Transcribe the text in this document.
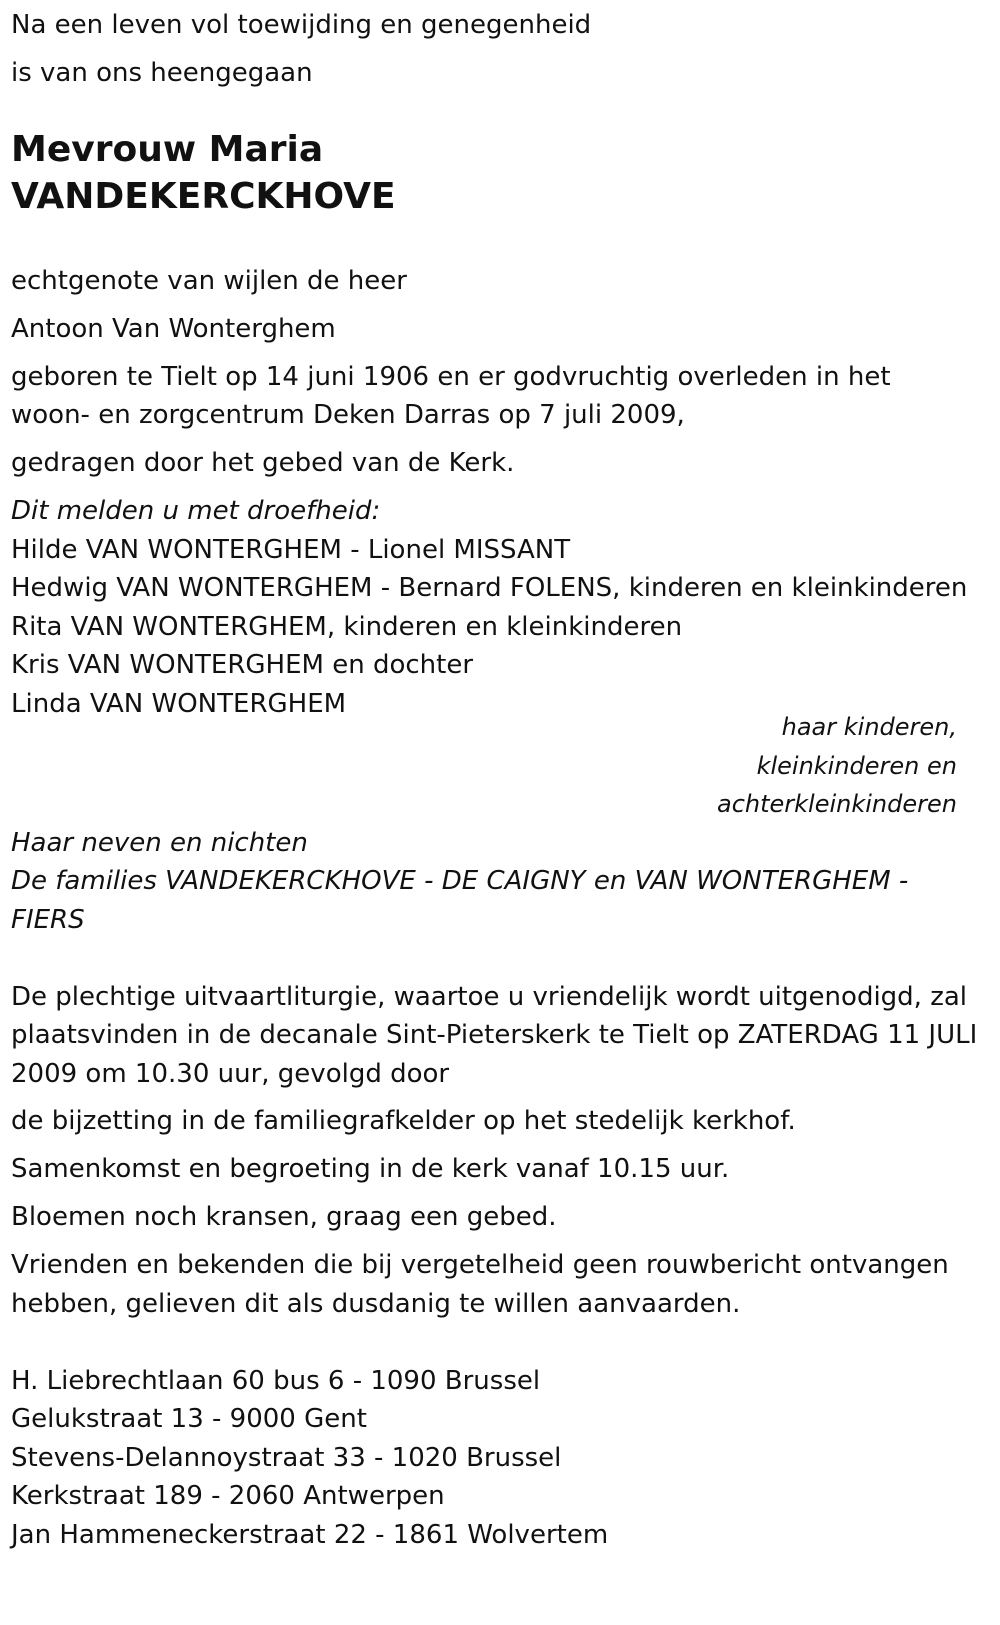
Na een leven vol toewijding en genegenheid
is van ons heengegaan
Mevrouw Maria
VANDEKERCKHOVE
echtgenote van wijlen de heer
Antoon Van Wonterghem
geboren te Tielt op 14 juni 1906 en er godvruchtig overleden in het
woon- en zorgcentrum Deken Darras op 7 juli 2009,
gedragen door het gebed van de Kerk.
Dit melden u met droefheid:
Hilde VAN WONTERGHEM - Lionel MISSANT
Hedwig VAN WONTERGHEM - Bernard FOLENS, kinderen en kleinkinderen
Rita VAN WONTERGHEM, kinderen en kleinkinderen
Kris VAN WONTERGHEM en dochter
Linda VAN WONTERGHEM
haar kinderen,
kleinkinderen en
achterkleinkinderen
Haar neven en nichten
De families VANDEKERCKHOVE - DE CAIGNY en VAN WONTERGHEM -
FIERS
De plechtige uitvaartliturgie, waartoe u vriendelijk wordt uitgenodigd, zal
plaatsvinden in de decanale Sint-Pieterskerk te Tielt op ZATERDAG 11 JULI
2009 om 10.30 uur, gevolgd door
de bijzetting in de familiegrafkelder op het stedelijk kerkhof.
Samenkomst en begroeting in de kerk vanaf 10.15 uur.
Bloemen noch kransen, graag een gebed.
Vrienden en bekenden die bij vergetelheid geen rouwbericht ontvangen
hebben, gelieven dit als dusdanig te willen aanvaarden.
H. Liebrechtlaan 60 bus 6 - 1090 Brussel
Gelukstraat 13 - 9000 Gent
Stevens-Delannoystraat 33 - 1020 Brussel
Kerkstraat 189 - 2060 Antwerpen
Jan Hammeneckerstraat 22 - 1861 Wolvertem
